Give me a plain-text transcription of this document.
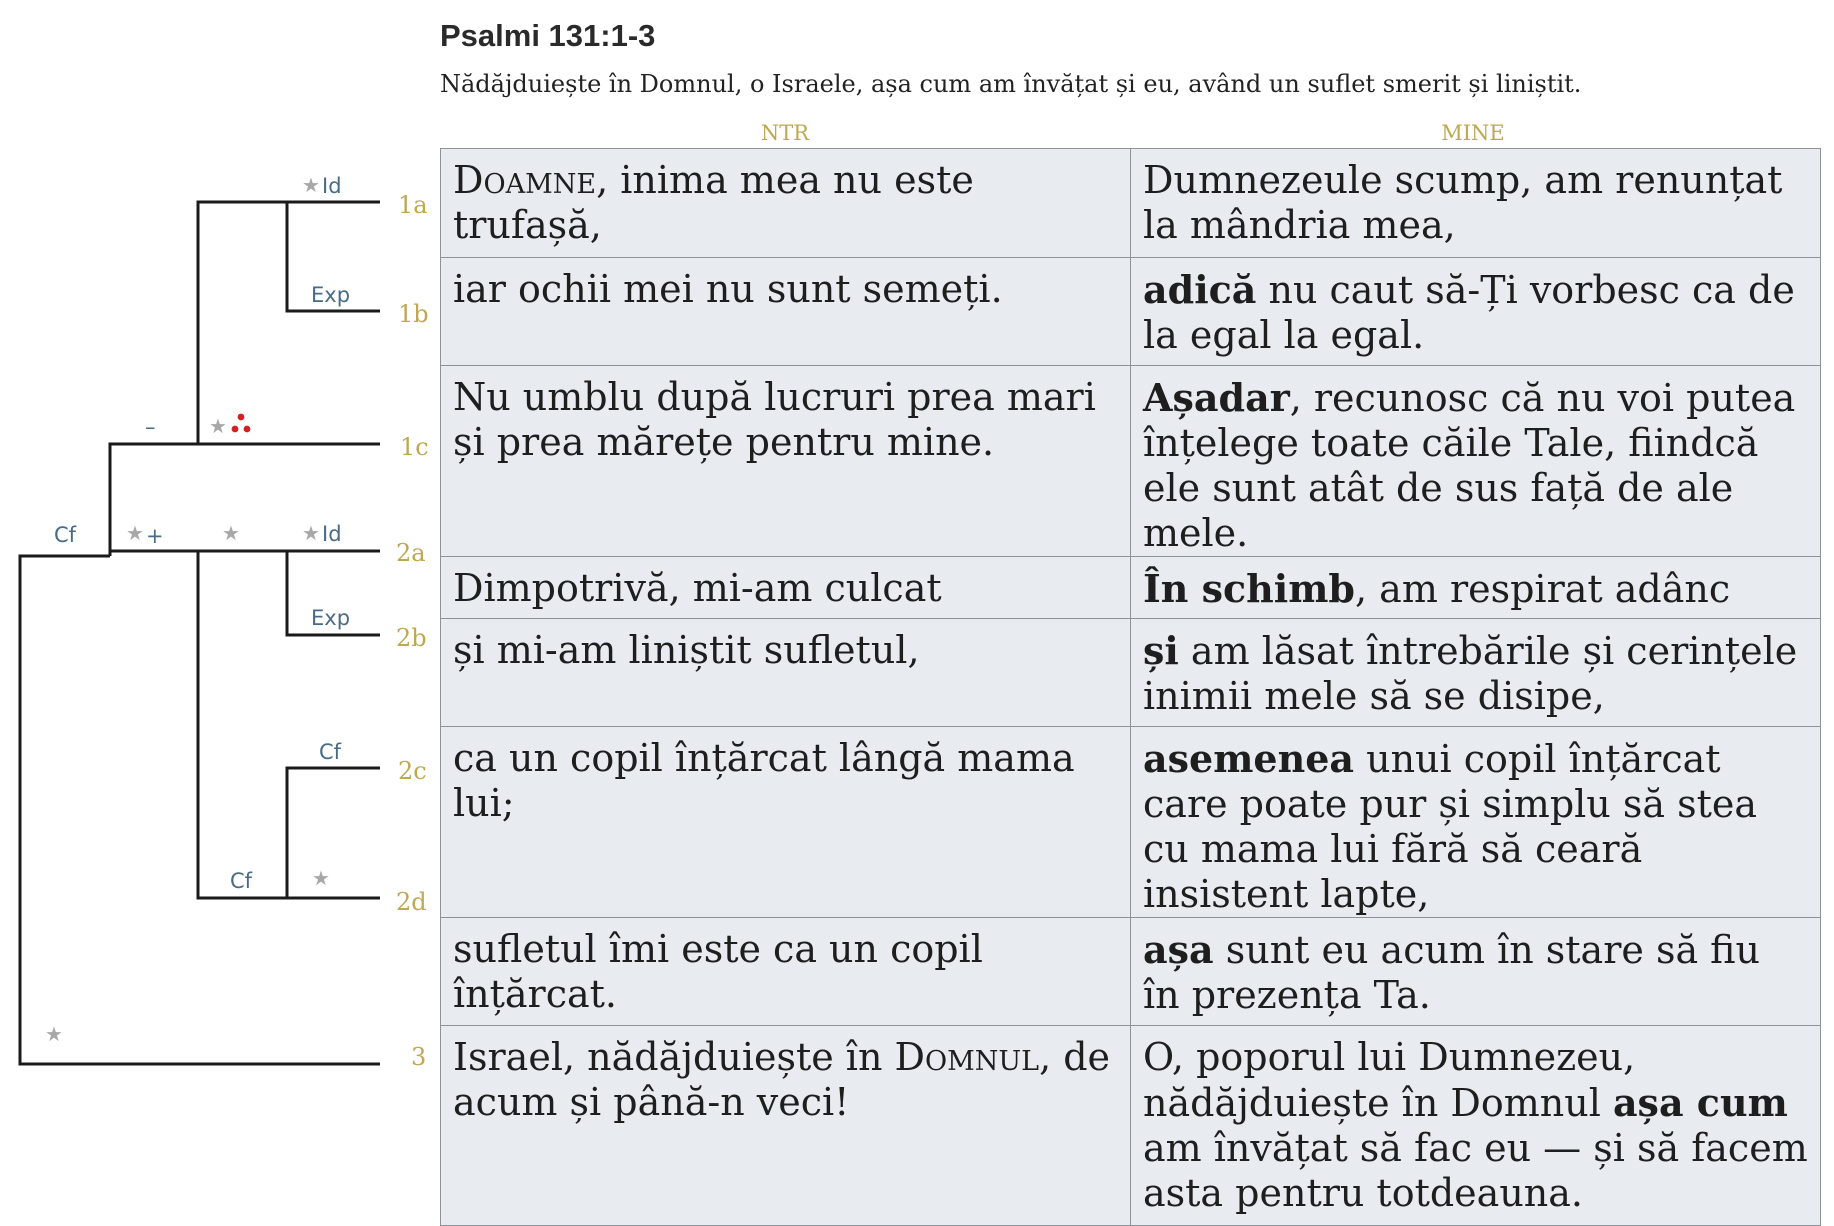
Psalmi 131:1-3

Nădăjduiește în Domnul, o Israele, așa cum am învățat și eu, având un suflet smerit și liniștit.

NTR	MINE
★ Id
Exp
–	★
Cf ★ +	★	★ Id
Exp
Cf
Cf	★
★
1a
1b
1c
2a
2b
2c
2d
3
Doamne, inima mea nu este trufașă,	Dumnezeule scump, am renunțat la mândria mea,
iar ochii mei nu sunt semeți.	adică nu caut să-Ți vorbesc ca de la egal la egal.
Nu umblu după lucruri prea mari și prea mărețe pentru mine.	Așadar, recunosc că nu voi putea înțelege toate căile Tale, fiindcă ele sunt atât de sus față de ale mele.
Dimpotrivă, mi-am culcat	În schimb, am respirat adânc
și mi-am liniștit sufletul,	și am lăsat întrebările și cerințele inimii mele să se disipe,
ca un copil înțărcat lângă mama lui;	asemenea unui copil înțărcat care poate pur și simplu să stea cu mama lui fără să ceară insistent lapte,
sufletul îmi este ca un copil înțărcat.	așa sunt eu acum în stare să fiu în prezența Ta.
Israel, nădăjduiește în Domnul, de acum și până-n veci!	O, poporul lui Dumnezeu, nădăjduiește în Domnul așa cum am învățat să fac eu — și să facem asta pentru totdeauna.
